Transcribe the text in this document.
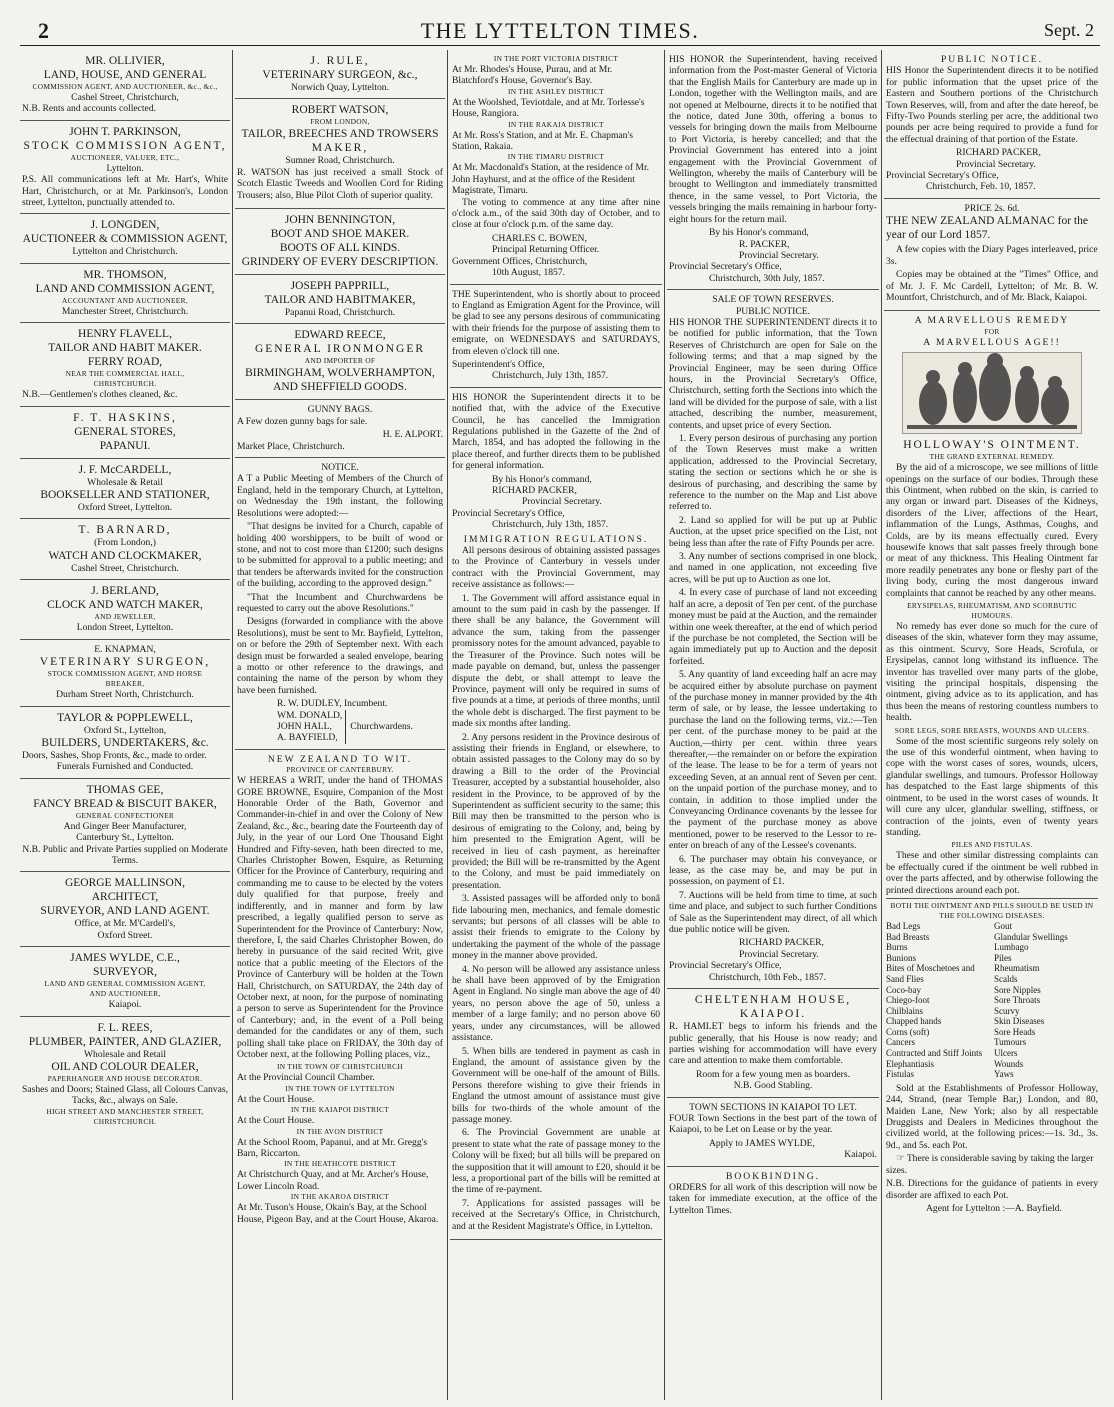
2	THE LYTTELTON TIMES.	Sept. 2
MR. OLLIVIER,
LAND, HOUSE, AND GENERAL
COMMISSION AGENT, AND AUCTIONEER, &c., &c.,
Cashel Street, Christchurch,
N.B. Rents and accounts collected.
JOHN T. PARKINSON,
STOCK COMMISSION AGENT,
AUCTIONEER, VALUER, ETC.,
Lyttelton.
P.S. All communications left at Mr. Hart's, White Hart, Christchurch, or at Mr. Parkinson's, London street, Lyttelton, punctually attended to.
J. LONGDEN,
AUCTIONEER & COMMISSION AGENT,
Lyttelton and Christchurch.
MR. THOMSON,
LAND AND COMMISSION AGENT,
ACCOUNTANT AND AUCTIONEER,
Manchester Street, Christchurch.
HENRY FLAVELL,
TAILOR AND HABIT MAKER.
FERRY ROAD,
NEAR THE COMMERCIAL HALL,
CHRISTCHURCH.
N.B.—Gentlemen's clothes cleaned, &c.
F. T. HASKINS,
GENERAL STORES,
PAPANUI.
J. F. McCARDELL,
Wholesale & Retail
BOOKSELLER AND STATIONER,
Oxford Street, Lyttelton.
T. BARNARD,
(From London,)
WATCH AND CLOCKMAKER,
Cashel Street, Christchurch.
J. BERLAND,
CLOCK AND WATCH MAKER,
AND JEWELLER,
London Street, Lyttelton.
E. KNAPMAN,
VETERINARY SURGEON,
STOCK COMMISSION AGENT, AND HORSE
BREAKER,
Durham Street North, Christchurch.
TAYLOR & POPPLEWELL,
Oxford St., Lyttelton,
BUILDERS, UNDERTAKERS, &c.
Doors, Sashes, Shop Fronts, &c., made to order.
Funerals Furnished and Conducted.
THOMAS GEE,
FANCY BREAD & BISCUIT BAKER,
GENERAL CONFECTIONER
And Ginger Beer Manufacturer,
Canterbury St., Lyttelton.
N.B. Public and Private Parties supplied on Moderate Terms.
GEORGE MALLINSON,
ARCHITECT,
SURVEYOR, AND LAND AGENT.
Office, at Mr. M'Cardell's,
Oxford Street.
JAMES WYLDE, C.E.,
SURVEYOR,
LAND AND GENERAL COMMISSION AGENT,
AND AUCTIONEER,
Kaiapoi.
F. L. REES,
PLUMBER, PAINTER, AND GLAZIER,
Wholesale and Retail
OIL AND COLOUR DEALER,
PAPERHANGER AND HOUSE DECORATOR.
Sashes and Doors; Stained Glass, all Colours Canvas, Tacks, &c., always on Sale.
HIGH STREET AND MANCHESTER STREET, CHRISTCHURCH.
J. RULE,
VETERINARY SURGEON, &c.,
Norwich Quay, Lyttelton.
ROBERT WATSON,
FROM LONDON,
TAILOR, BREECHES AND TROWSERS
MAKER,
Sumner Road, Christchurch.

R. WATSON has just received a small Stock of Scotch Elastic Tweeds and Woollen Cord for Riding Trousers; also, Blue Pilot Cloth of superior quality.

JOHN BENNINGTON,
BOOT AND SHOE MAKER.
BOOTS OF ALL KINDS.
GRINDERY OF EVERY DESCRIPTION.
JOSEPH PAPPRILL,
TAILOR AND HABITMAKER,
Papanui Road, Christchurch.
EDWARD REECE,
GENERAL IRONMONGER
AND IMPORTER OF
BIRMINGHAM, WOLVERHAMPTON,
AND SHEFFIELD GOODS.
GUNNY BAGS.

A Few dozen gunny bags for sale.

H. E. ALPORT.
Market Place, Christchurch.
NOTICE.

A T a Public Meeting of Members of the Church of England, held in the temporary Church, at Lyttelton, on Wednesday the 19th instant, the following Resolutions were adopted:—

"That designs be invited for a Church, capable of holding 400 worshippers, to be built of wood or stone, and not to cost more than £1200; such designs to be submitted for approval to a public meeting; and that tenders be afterwards invited for the construction of the building, according to the approved design."

"That the Incumbent and Churchwardens be requested to carry out the above Resolutions."

Designs (forwarded in compliance with the above Resolutions), must be sent to Mr. Bayfield, Lyttelton, on or before the 29th of September next. With each design must be forwarded a sealed envelope, bearing a motto or other reference to the drawings, and containing the name of the person by whom they have been furnished.

R. W. DUDLEY, Incumbent.
WM. DONALD,
JOHN HALL,
A. BAYFIELD,
Churchwardens.
NEW ZEALAND TO WIT.
PROVINCE OF CANTERBURY.

W HEREAS a WRIT, under the hand of THOMAS GORE BROWNE, Esquire, Companion of the Most Honorable Order of the Bath, Governor and Commander-in-chief in and over the Colony of New Zealand, &c., &c., bearing date the Fourteenth day of July, in the year of our Lord One Thousand Eight Hundred and Fifty-seven, hath been directed to me, Charles Christopher Bowen, Esquire, as Returning Officer for the Province of Canterbury, requiring and commanding me to cause to be elected by the voters duly qualified for that purpose, freely and indifferently, and in manner and form by law prescribed, a legally qualified person to serve as Superintendent for the Province of Canterbury: Now, therefore, I, the said Charles Christopher Bowen, do hereby in pursuance of the said recited Writ, give notice that a public meeting of the Electors of the Province of Canterbury will be holden at the Town Hall, Christchurch, on SATURDAY, the 24th day of October next, at noon, for the purpose of nominating a person to serve as Superintendent for the Province of Canterbury; and, in the event of a Poll being demanded for the candidates or any of them, such polling shall take place on FRIDAY, the 30th day of October next, at the following Polling places, viz.,

IN THE TOWN OF CHRISTCHURCH
At the Provincial Council Chamber.
IN THE TOWN OF LYTTELTON
At the Court House.
IN THE KAIAPOI DISTRICT
At the Court House.
IN THE AVON DISTRICT
At the School Room, Papanui, and at Mr. Gregg's Barn, Riccarton.
IN THE HEATHCOTE DISTRICT
At Christchurch Quay, and at Mr. Archer's House, Lower Lincoln Road.
IN THE AKAROA DISTRICT
At Mr. Tuson's House, Okain's Bay, at the School House, Pigeon Bay, and at the Court House, Akaroa.
IN THE PORT VICTORIA DISTRICT
At Mr. Rhodes's House, Purau, and at Mr. Blatchford's House, Governor's Bay.
IN THE ASHLEY DISTRICT
At the Woolshed, Teviotdale, and at Mr. Torlesse's House, Rangiora.
IN THE RAKAIA DISTRICT
At Mr. Ross's Station, and at Mr. E. Chapman's Station, Rakaia.
IN THE TIMARU DISTRICT
At Mr. Macdonald's Station, at the residence of Mr. John Hayhurst, and at the office of the Resident Magistrate, Timaru.

The voting to commence at any time after nine o'clock a.m., of the said 30th day of October, and to close at four o'clock p.m. of the same day.

CHARLES C. BOWEN,
Principal Returning Officer.
Government Offices, Christchurch,
10th August, 1857.

THE Superintendent, who is shortly about to proceed to England as Emigration Agent for the Province, will be glad to see any persons desirous of communicating with their friends for the purpose of assisting them to emigrate, on WEDNESDAYS and SATURDAYS, from eleven o'clock till one.

Superintendent's Office,
Christchurch, July 13th, 1857.

HIS HONOR the Superintendent directs it to be notified that, with the advice of the Executive Council, he has cancelled the Immigration Regulations published in the Gazette of the 2nd of March, 1854, and has adopted the following in the place thereof, and further directs them to be published for general information.

By his Honor's command,
RICHARD PACKER,
Provincial Secretary.
Provincial Secretary's Office,
Christchurch, July 13th, 1857.
IMMIGRATION REGULATIONS.

All persons desirous of obtaining assisted passages to the Province of Canterbury in vessels under contract with the Provincial Government, may receive assistance as follows:—

1. The Government will afford assistance equal in amount to the sum paid in cash by the passenger. If there shall be any balance, the Government will advance the sum, taking from the passenger promissory notes for the amount advanced, payable to the Treasurer of the Province. Such notes will be made payable on demand, but, unless the passenger dispute the debt, or shall attempt to leave the Province, payment will only be required in sums of five pounds at a time, at periods of three months, until the whole debt is discharged. The first payment to be made six months after landing.

2. Any persons resident in the Province desirous of assisting their friends in England, or elsewhere, to obtain assisted passages to the Colony may do so by drawing a Bill to the order of the Provincial Treasurer, accepted by a substantial householder, also resident in the Province, to be approved of by the Superintendent as sufficient security to the same; this Bill may then be transmitted to the person who is desirous of emigrating to the Colony, and, being by him presented to the Emigration Agent, will be received in lieu of cash payment, as hereinafter provided; the Bill will be re-transmitted by the Agent to the Colony, and must be paid immediately on presentation.

3. Assisted passages will be afforded only to bonâ fide labouring men, mechanics, and female domestic servants; but persons of all classes will be able to assist their friends to emigrate to the Colony by undertaking the payment of the whole of the passage money in the manner above provided.

4. No person will be allowed any assistance unless he shall have been approved of by the Emigration Agent in England. No single man above the age of 40 years, no person above the age of 50, unless a member of a large family; and no person above 60 years, under any circumstances, will be allowed assistance.

5. When bills are tendered in payment as cash in England, the amount of assistance given by the Government will be one-half of the amount of Bills. Persons therefore wishing to give their friends in England the utmost amount of assistance must give bills for two-thirds of the whole amount of the passage money.

6. The Provincial Government are unable at present to state what the rate of passage money to the Colony will be fixed; but all bills will be prepared on the supposition that it will amount to £20, should it be less, a proportional part of the bills will be remitted at the time of re-payment.

7. Applications for assisted passages will be received at the Secretary's Office, in Christchurch, and at the Resident Magistrate's Office, in Lyttelton.

HIS HONOR the Superintendent, having received information from the Post-master General of Victoria that the English Mails for Canterbury are made up in London, together with the Wellington mails, and are not opened at Melbourne, directs it to be notified that the notice, dated June 30th, offering a bonus to vessels for bringing down the mails from Melbourne to Port Victoria, is hereby cancelled; and that the Provincial Government has entered into a joint engagement with the Provincial Government of Wellington, whereby the mails of Canterbury will be brought to Wellington and immediately transmitted thence, in the same vessel, to Port Victoria, the vessels bringing the mails remaining in harbour forty-eight hours for the return mail.

By his Honor's command,
R. PACKER,
Provincial Secretary.
Provincial Secretary's Office,
Christchurch, 30th July, 1857.
SALE OF TOWN RESERVES.
PUBLIC NOTICE.

HIS HONOR THE SUPERINTENDENT directs it to be notified for public information, that the Town Reserves of Christchurch are open for Sale on the following terms; and that a map signed by the Provincial Engineer, may be seen during Office hours, in the Provincial Secretary's Office, Christchurch, setting forth the Sections into which the land will be divided for the purpose of sale, with a list attached, describing the number, measurement, contents, and upset price of every Section.

1. Every person desirous of purchasing any portion of the Town Reserves must make a written application, addressed to the Provincial Secretary, stating the section or sections which he or she is desirous of purchasing, and describing the same by reference to the number on the Map and List above referred to.

2. Land so applied for will be put up at Public Auction, at the upset price specified on the List, not being less than after the rate of Fifty Pounds per acre.

3. Any number of sections comprised in one block, and named in one application, not exceeding five acres, will be put up to Auction as one lot.

4. In every case of purchase of land not exceeding half an acre, a deposit of Ten per cent. of the purchase money must be paid at the Auction, and the remainder within one week thereafter, at the end of which period if the purchase be not completed, the Section will be again immediately put up to Auction and the deposit forfeited.

5. Any quantity of land exceeding half an acre may be acquired either by absolute purchase on payment of the purchase money in manner provided by the 4th term of sale, or by lease, the lessee undertaking to purchase the land on the following terms, viz.:—Ten per cent. of the purchase money to be paid at the Auction,—thirty per cent. within three years thereafter,—the remainder on or before the expiration of the lease. The lease to be for a term of years not exceeding Seven, at an annual rent of Seven per cent. on the unpaid portion of the purchase money, and to contain, in addition to those implied under the Conveyancing Ordinance covenants by the lessee for the payment of the purchase money as above mentioned, power to be reserved to the Lessor to re-enter on breach of any of the Lessee's covenants.

6. The purchaser may obtain his conveyance, or lease, as the case may be, and may be put in possession, on payment of £1.

7. Auctions will be held from time to time, at such time and place, and subject to such further Conditions of Sale as the Superintendent may direct, of all which due public notice will be given.

RICHARD PACKER,
Provincial Secretary.
Provincial Secretary's Office,
Christchurch, 10th Feb., 1857.
CHELTENHAM HOUSE,
KAIAPOI.

R. HAMLET begs to inform his friends and the public generally, that his House is now ready; and parties wishing for accommodation will have every care and attention to make them comfortable.

Room for a few young men as boarders.
N.B. Good Stabling.
TOWN SECTIONS IN KAIAPOI TO LET.

FOUR Town Sections in the best part of the town of Kaiapoi, to be Let on Lease or by the year.

Apply to JAMES WYLDE,
Kaiapoi.
BOOKBINDING.

ORDERS for all work of this description will now be taken for immediate execution, at the office of the Lyttelton Times.

PUBLIC NOTICE.

HIS Honor the Superintendent directs it to be notified for public information that the upset price of the Eastern and Southern portions of the Christchurch Town Reserves, will, from and after the date hereof, be Fifty-Two Pounds sterling per acre, the additional two pounds per acre being required to provide a fund for the effectual draining of that portion of the Estate.

RICHARD PACKER,
Provincial Secretary.
Provincial Secretary's Office,
Christchurch, Feb. 10, 1857.
PRICE 2s. 6d.

THE NEW ZEALAND ALMANAC for the year of our Lord 1857.

A few copies with the Diary Pages interleaved, price 3s.

Copies may be obtained at the "Times" Office, and of Mr. J. F. Mc Cardell, Lyttelton; of Mr. B. W. Mountfort, Christchurch, and of Mr. Black, Kaiapoi.

A MARVELLOUS REMEDY
FOR
A MARVELLOUS AGE!!
HOLLOWAY'S OINTMENT.
THE GRAND EXTERNAL REMEDY.

By the aid of a microscope, we see millions of little openings on the surface of our bodies. Through these this Ointment, when rubbed on the skin, is carried to any organ or inward part. Diseases of the Kidneys, disorders of the Liver, affections of the Heart, inflammation of the Lungs, Asthmas, Coughs, and Colds, are by its means effectually cured. Every housewife knows that salt passes freely through bone or meat of any thickness. This Healing Ointment far more readily penetrates any bone or fleshy part of the living body, curing the most dangerous inward complaints that cannot be reached by any other means.

ERYSIPELAS, RHEUMATISM, AND SCORBUTIC HUMOURS.

No remedy has ever done so much for the cure of diseases of the skin, whatever form they may assume, as this ointment. Scurvy, Sore Heads, Scrofula, or Erysipelas, cannot long withstand its influence. The inventor has travelled over many parts of the globe, visiting the principal hospitals, dispensing the ointment, giving advice as to its application, and has thus been the means of restoring countless numbers to health.

SORE LEGS, SORE BREASTS, WOUNDS AND ULCERS.

Some of the most scientific surgeons rely solely on the use of this wonderful ointment, when having to cope with the worst cases of sores, wounds, ulcers, glandular swellings, and tumours. Professor Holloway has despatched to the East large shipments of this ointment, to be used in the worst cases of wounds. It will cure any ulcer, glandular swelling, stiffness, or contraction of the joints, even of twenty years standing.

PILES AND FISTULAS.

These and other similar distressing complaints can be effectually cured if the ointment be well rubbed in over the parts affected, and by otherwise following the printed directions around each pot.

BOTH THE OINTMENT AND PILLS SHOULD BE USED IN THE FOLLOWING DISEASES.
Bad Legs
Bad Breasts
Burns
Bunions
Bites of Moschetoes and Sand Flies
Coco-bay
Chiego-foot
Chilblains
Chapped hands
Corns (soft)
Cancers
Contracted and Stiff Joints
Elephantiasis
Fistulas
Gout
Glandular Swellings
Lumbago
Piles
Rheumatism
Scalds
Sore Nipples
Sore Throats
Scurvy
Skin Diseases
Sore Heads
Tumours
Ulcers
Wounds
Yaws

Sold at the Establishments of Professor Holloway, 244, Strand, (near Temple Bar,) London, and 80, Maiden Lane, New York; also by all respectable Druggists and Dealers in Medicines throughout the civilized world, at the following prices:—1s. 3d., 3s. 9d., and 5s. each Pot.

☞ There is considerable saving by taking the larger sizes.

N.B. Directions for the guidance of patients in every disorder are affixed to each Pot.

Agent for Lyttelton :—A. Bayfield.
